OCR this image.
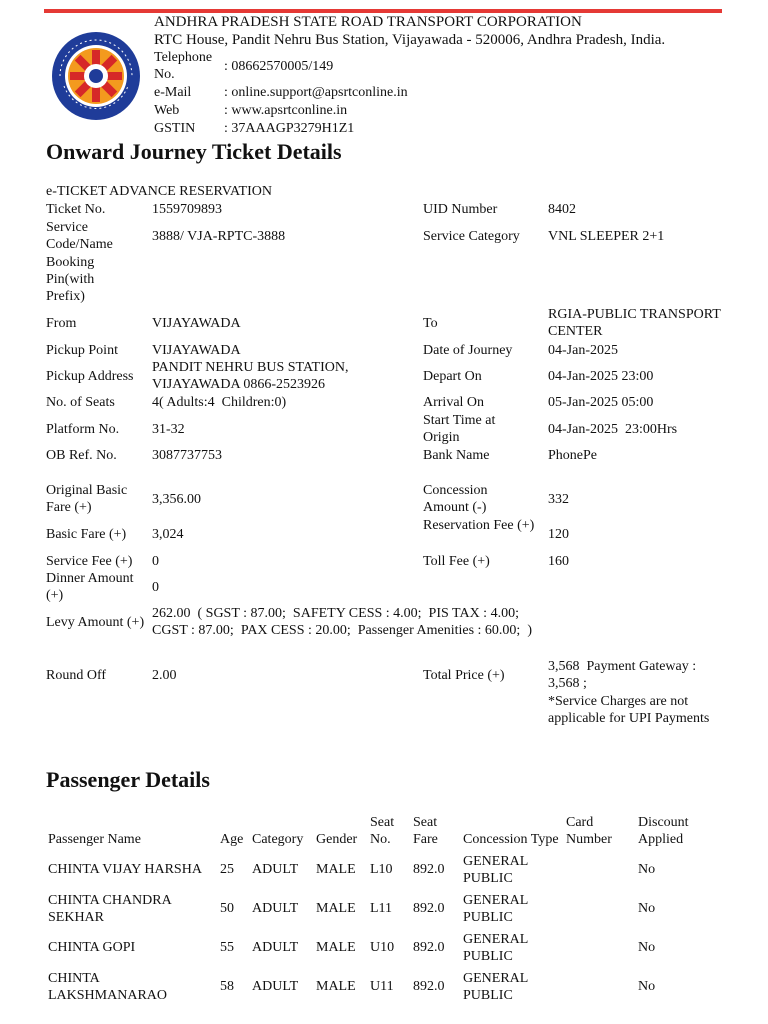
ANDHRA PRADESH STATE ROAD TRANSPORT CORPORATION
RTC House, Pandit Nehru Bus Station, Vijayawada - 520006, Andhra Pradesh, India.
Telephone No.
: 08662570005/149
e-Mail : online.support@apsrtconline.in
Web	: www.apsrtconline.in
GSTIN : 37AAAGP3279H1Z1
Onward Journey Ticket Details
e-TICKET ADVANCE RESERVATION
Ticket No.	1559709893
Service Code/Name
3888/ VJA-RPTC-3888
Booking Pin(with Prefix)
From	VIJAYAWADA
Pickup Point VIJAYAWADA
Pickup Address
PANDIT NEHRU BUS STATION, VIJAYAWADA 0866-2523926
No. of Seats	4( Adults:4  Children:0)
Platform No. 31-32
OB Ref. No.	3087737753
Original Basic Fare (+)
3,356.00
Basic Fare (+) 3,024
Service Fee (+) 0
Dinner Amount (+)
0
Levy Amount (+)
262.00  ( SGST : 87.00;  SAFETY CESS : 4.00;  PIS TAX : 4.00;  CGST : 87.00;  PAX CESS : 20.00;  Passenger Amenities : 60.00;  )
Round Off	2.00
UID Number	8402
Service Category VNL SLEEPER 2+1
To
RGIA-PUBLIC TRANSPORT CENTER
Date of Journey	04-Jan-2025
Depart On	04-Jan-2025 23:00
Arrival On	05-Jan-2025 05:00
Start Time at Origin
04-Jan-2025  23:00Hrs
Bank Name	PhonePe
Concession Amount (-)
332
Reservation Fee (+)
120
Toll Fee (+)	160
Total Price (+)
3,568  Payment Gateway : 3,568 ;
*Service Charges are not applicable for UPI Payments
Passenger Details
Passenger Name	Age	Category	Gender	Seat No.	Seat Fare	Concession Type	Card Number	Discount Applied
CHINTA VIJAY HARSHA	25	ADULT	MALE	L10	892.0	GENERAL PUBLIC		No
CHINTA CHANDRA SEKHAR	50	ADULT	MALE	L11	892.0	GENERAL PUBLIC		No
CHINTA GOPI	55	ADULT	MALE	U10	892.0	GENERAL PUBLIC		No
CHINTA LAKSHMANARAO	58	ADULT	MALE	U11	892.0	GENERAL PUBLIC		No
